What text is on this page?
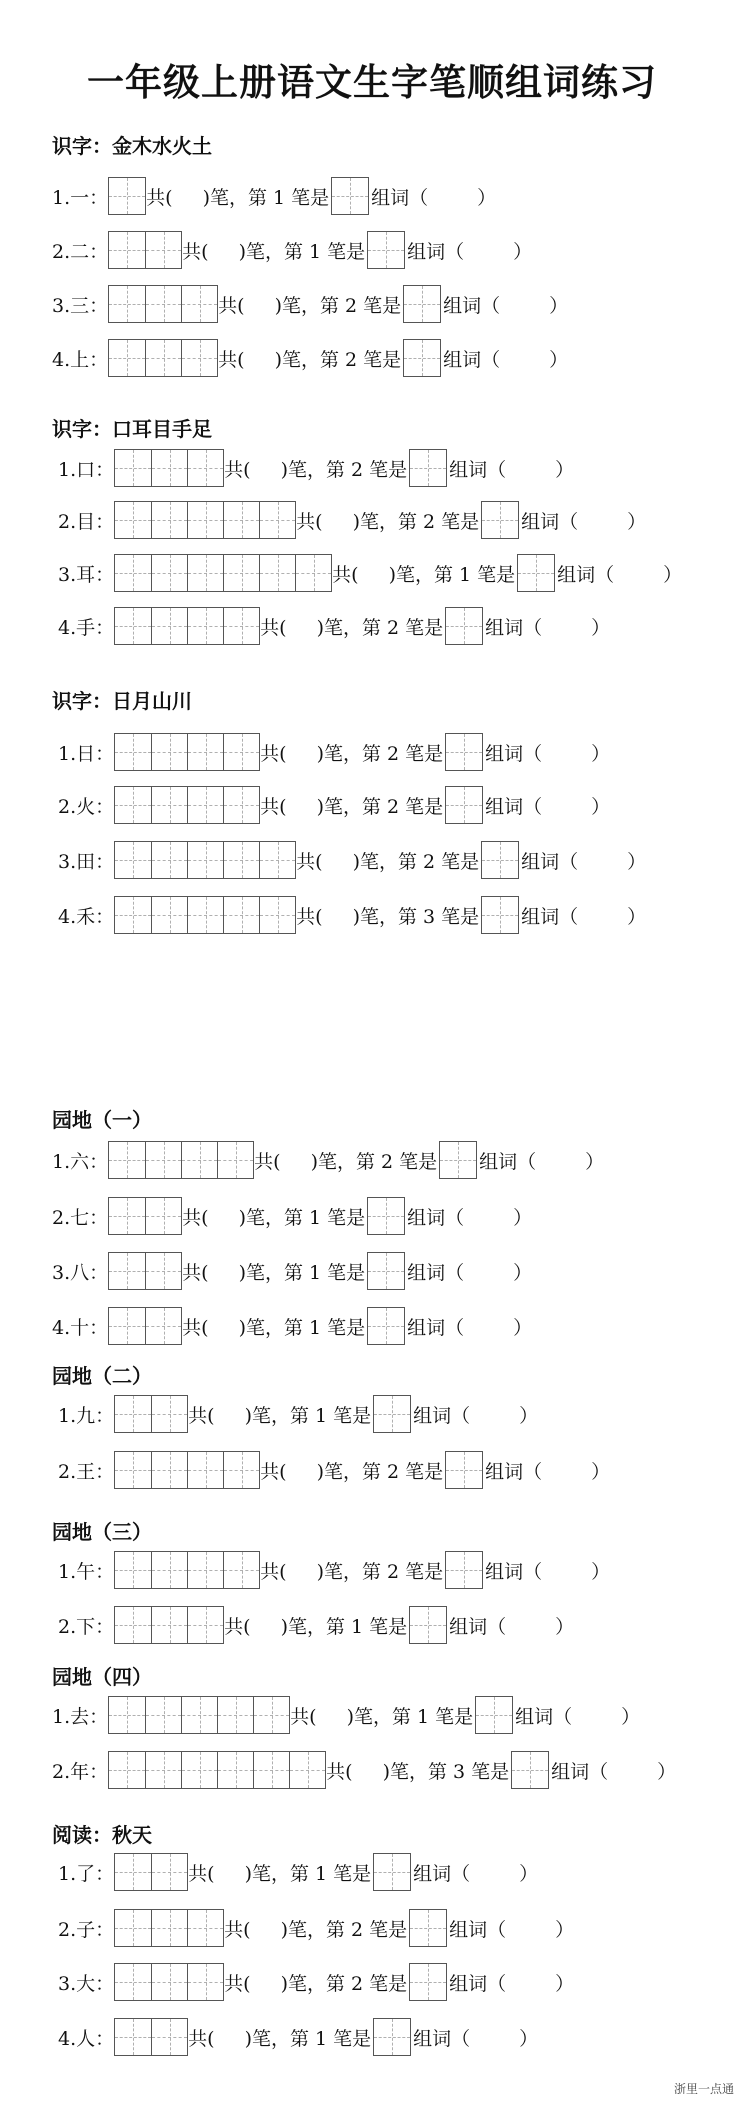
一年级上册语文生字笔顺组词练习
识字：金木水火土
1.一： 共( )笔，第 1 笔是 组词（	）
2.二：	共( )笔，第 1 笔是 组词（	）
3.三：	共( )笔，第 2 笔是 组词（	）
4.上：	共( )笔，第 2 笔是 组词（	）
识字：口耳目手足
1.口：	共( )笔，第 2 笔是 组词（	）
2.目：	共( )笔，第 2 笔是 组词（	）
3.耳：	共( )笔，第 1 笔是 组词（	）
4.手：	共( )笔，第 2 笔是 组词（	）
识字：日月山川
1.日：	共( )笔，第 2 笔是 组词（	）
2.火：	共( )笔，第 2 笔是 组词（	）
3.田：	共( )笔，第 2 笔是 组词（	）
4.禾：	共( )笔，第 3 笔是 组词（	）
园地（一）
1.六：	共( )笔，第 2 笔是 组词（	）
2.七：	共( )笔，第 1 笔是 组词（	）
3.八：	共( )笔，第 1 笔是 组词（	）
4.十：	共( )笔，第 1 笔是 组词（	）
园地（二）
1.九：	共( )笔，第 1 笔是 组词（	）
2.王：	共( )笔，第 2 笔是 组词（	）
园地（三）
1.午：	共( )笔，第 2 笔是 组词（	）
2.下：	共( )笔，第 1 笔是 组词（	）
园地（四）
1.去：	共( )笔，第 1 笔是 组词（	）
2.年：	共( )笔，第 3 笔是 组词（	）
阅读：秋天
1.了：	共( )笔，第 1 笔是 组词（	）
2.子：	共( )笔，第 2 笔是 组词（	）
3.大：	共( )笔，第 2 笔是 组词（	）
4.人：	共( )笔，第 1 笔是 组词（	）
浙里一点通
